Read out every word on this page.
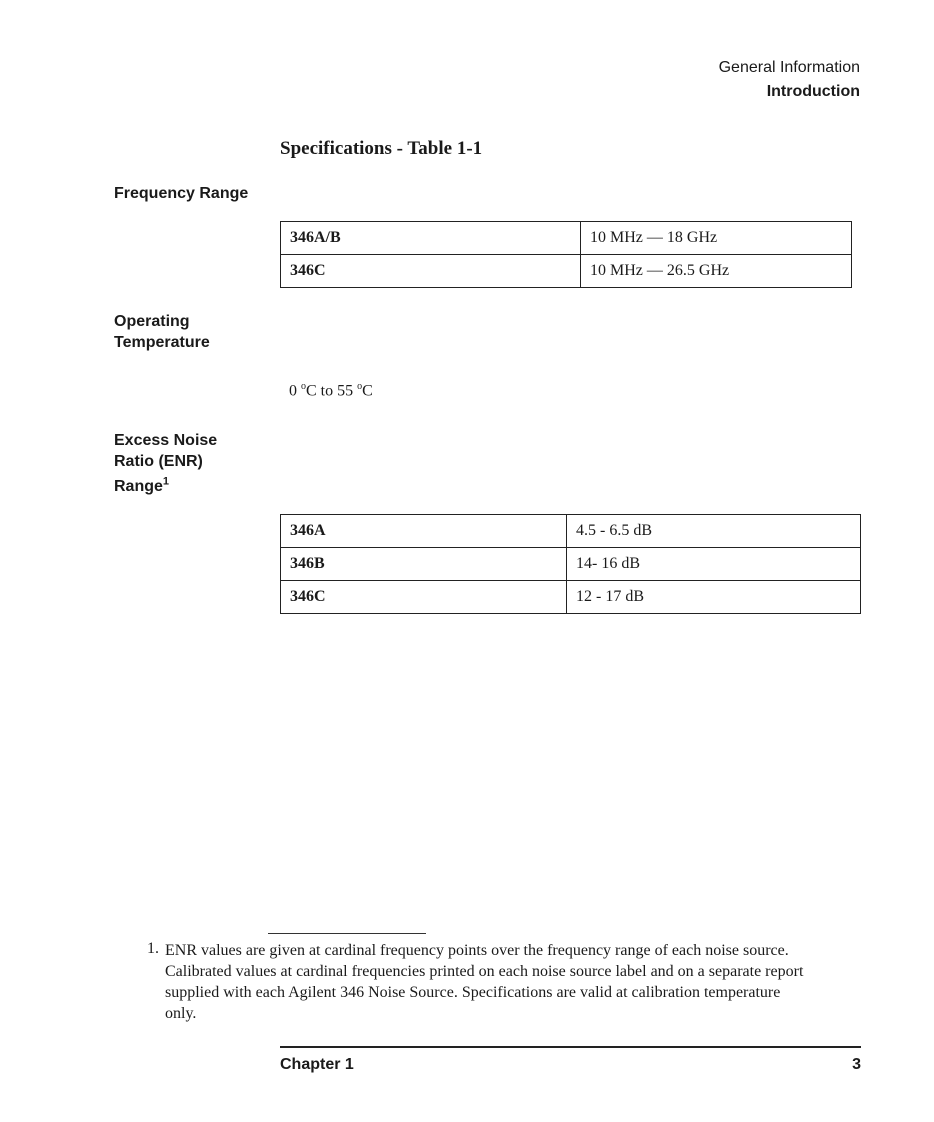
General Information
Introduction
Specifications - Table 1-1
Frequency Range
346A/B	10 MHz — 18 GHz
346C	10 MHz — 26.5 GHz
Operating
Temperature
0 $^o$C to 55 $^o$C
Excess Noise
Ratio (ENR)
Range$^1$
346A	4.5 - 6.5 dB
346B	14- 16 dB
346C	12 - 17 dB
1. ENR values are given at cardinal frequency points over the frequency range of each noise source. Calibrated values at cardinal frequencies printed on each noise source label and on a separate report supplied with each Agilent 346 Noise Source. Specifications are valid at calibration temperature only.
Chapter 1	3
